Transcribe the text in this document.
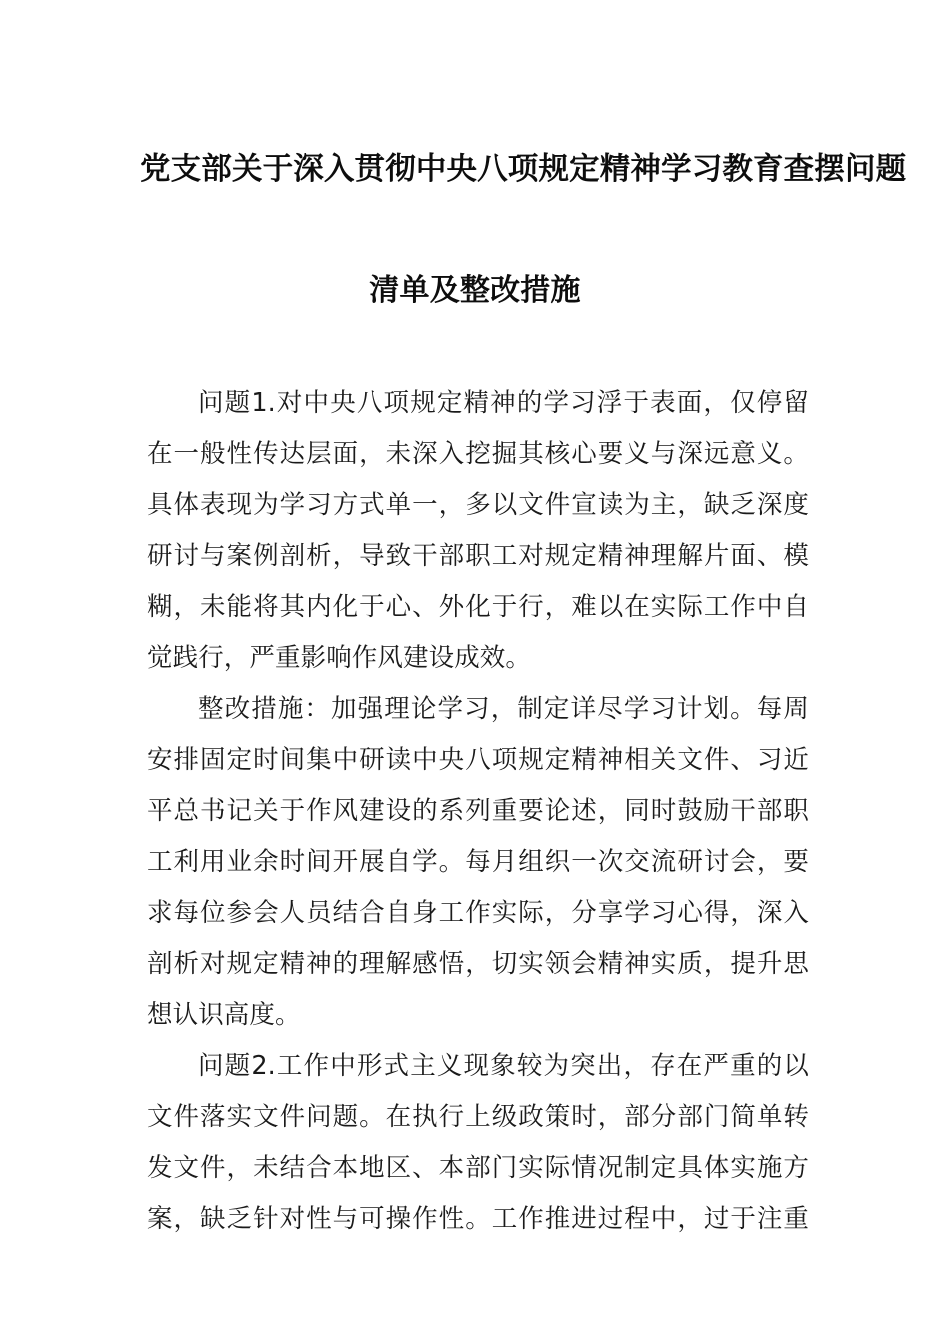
党支部关于深入贯彻中央八项规定精神学习教育查摆问题
清单及整改措施

问题1.对中央八项规定精神的学习浮于表面，仅停留在一般性传达层面，未深入挖掘其核心要义与深远意义。具体表现为学习方式单一，多以文件宣读为主，缺乏深度研讨与案例剖析，导致干部职工对规定精神理解片面、模糊，未能将其内化于心、外化于行，难以在实际工作中自觉践行，严重影响作风建设成效。

整改措施：加强理论学习，制定详尽学习计划。每周安排固定时间集中研读中央八项规定精神相关文件、习近平总书记关于作风建设的系列重要论述，同时鼓励干部职工利用业余时间开展自学。每月组织一次交流研讨会，要求每位参会人员结合自身工作实际，分享学习心得，深入剖析对规定精神的理解感悟，切实领会精神实质，提升思想认识高度。

问题2.工作中形式主义现象较为突出，存在严重的以文件落实文件问题。在执行上级政策时，部分部门简单转发文件，未结合本地区、本部门实际情况制定具体实施方案，缺乏针对性与可操作性。工作推进过程中，过于注重
